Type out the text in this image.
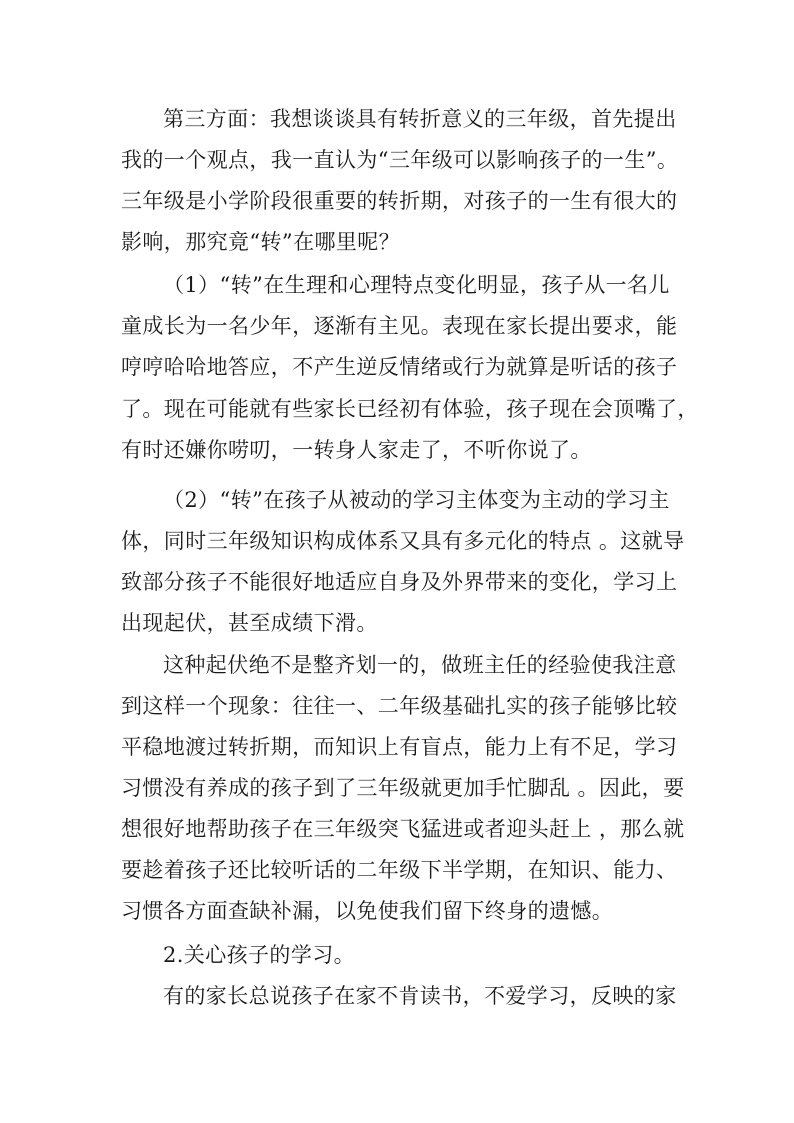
第三方面：我想谈谈具有转折意义的三年级，首先提出
我的一个观点，我一直认为“三年级可以影响孩子的一生”。
三年级是小学阶段很重要的转折期，对孩子的一生有很大的
影响，那究竟“转”在哪里呢？
（1）“转”在生理和心理特点变化明显，孩子从一名儿
童成长为一名少年，逐渐有主见。表现在家长提出要求，能
哼哼哈哈地答应，不产生逆反情绪或行为就算是听话的孩子
了。现在可能就有些家长已经初有体验，孩子现在会顶嘴了，
有时还嫌你唠叨，一转身人家走了，不听你说了。
（2）“转”在孩子从被动的学习主体变为主动的学习主
体，同时三年级知识构成体系又具有多元化的特点 。这就导
致部分孩子不能很好地适应自身及外界带来的变化，学习上
出现起伏，甚至成绩下滑。
这种起伏绝不是整齐划一的，做班主任的经验使我注意
到这样一个现象：往往一、二年级基础扎实的孩子能够比较
平稳地渡过转折期，而知识上有盲点，能力上有不足，学习
习惯没有养成的孩子到了三年级就更加手忙脚乱 。因此，要
想很好地帮助孩子在三年级突飞猛进或者迎头赶上 ，那么就
要趁着孩子还比较听话的二年级下半学期，在知识、能力、
习惯各方面查缺补漏，以免使我们留下终身的遗憾。
2.关心孩子的学习。
有的家长总说孩子在家不肯读书，不爱学习，反映的家
